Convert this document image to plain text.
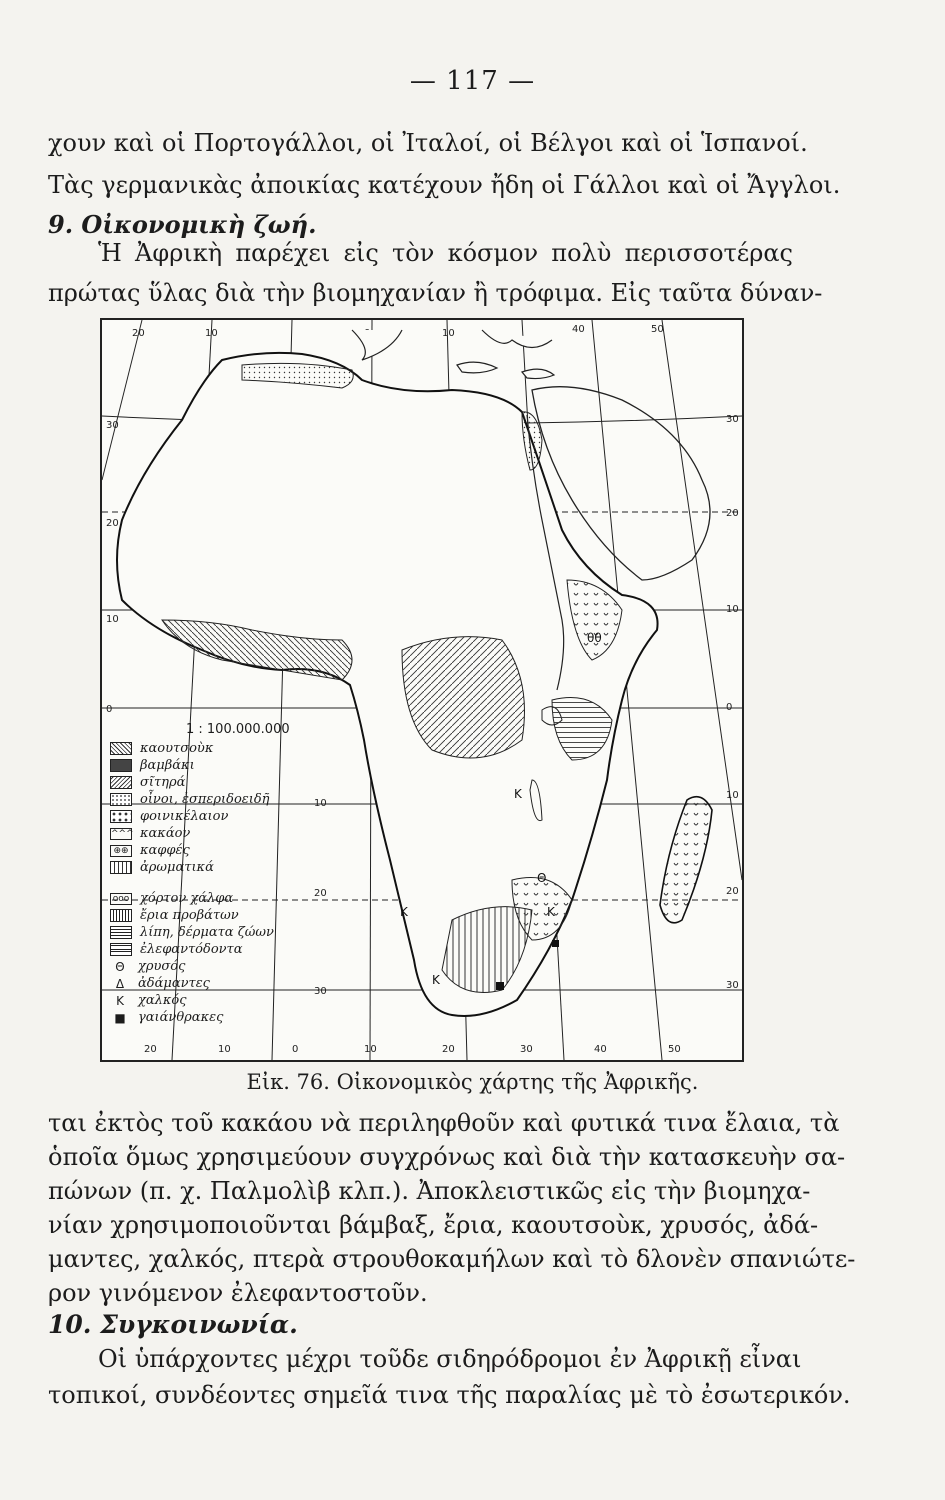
— 117 —
χουν καὶ οἱ Πορτογάλλοι, οἱ Ἰταλοί, οἱ Βέλγοι καὶ οἱ Ἱσπανοί.
Τὰς γερμανικὰς ἀποικίας κατέχουν ἤδη οἱ Γάλλοι καὶ οἱ Ἄγγλοι.
9. Οἰκονομικὴ ζωή.
Ἡ Ἀφρικὴ παρέχει εἰς τὸν κόσμον πολὺ περισσοτέρας
πρώτας ὕλας διὰ τὴν βιομηχανίαν ἢ τρόφιμα. Εἰς ταῦτα δύναν-
20	10	10	40	50
30
20
10
0
10
20
30
30
20
10
0
10
20
30
20	10	0	10	20	30	40	50
K
K
K
K
Θ
θθ
1 : 100.000.000
καουτσοὺκ
βαμβάκι
σῖτηρά
οἶνοι, ἐσπεριδοειδῆ
φοινικέλαιον
^^^ κακάον
⊕⊕ καφφές
ἀρωματικά
ooo χόρτον χάλφα
ἔρια προβάτων
λίπη, δέρματα ζώων
ἐλεφαντόδοντα
Θ	χρυσός
Δ	ἀδάμαντες
K	χαλκός
■ γαιάνθρακες
Εἰκ. 76. Οἰκονομικὸς χάρτης τῆς Ἀφρικῆς.
ται ἐκτὸς τοῦ κακάου νὰ περιληφθοῦν καὶ φυτικά τινα ἔλαια, τὰ
ὁποῖα ὅμως χρησιμεύουν συγχρόνως καὶ διὰ τὴν κατασκευὴν σα-
πώνων (π. χ. Παλμολὶβ κλπ.). Ἀποκλειστικῶς εἰς τὴν βιομηχα-
νίαν χρησιμοποιοῦνται βάμβαξ, ἔρια, καουτσοὺκ, χρυσός, ἀδά-
μαντες, χαλκός, πτερὰ στρουθοκαμήλων καὶ τὸ δλονὲν σπανιώτε-
ρον γινόμενον ἐλεφαντοστοῦν.
10. Συγκοινωνία.
Οἱ ὑπάρχοντες μέχρι τοῦδε σιδηρόδρομοι ἐν Ἀφρικῇ εἶναι
τοπικοί, συνδέοντες σημεῖά τινα τῆς παραλίας μὲ τὸ ἐσωτερικόν.
